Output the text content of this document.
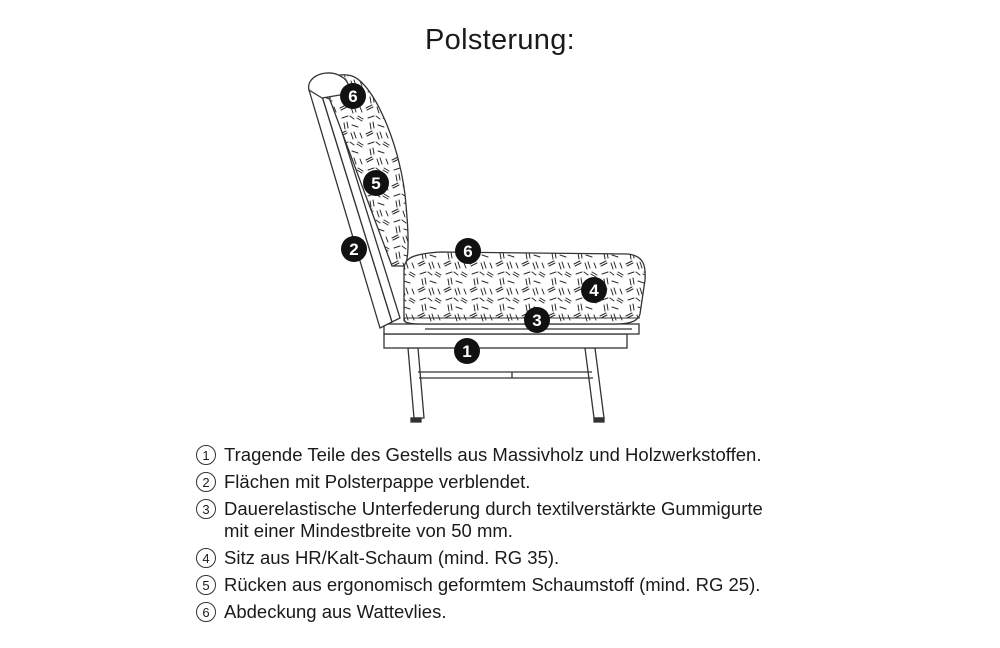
Polsterung:
6
5
2	6
4
3
1
1 Tragende Teile des Gestells aus Massivholz und Holzwerkstoffen.
2 Flächen mit Polsterpappe verblendet.
3 Dauerelastische Unterfederung durch textilverstärkte Gummigurte
mit einer Mindestbreite von 50 mm.
4 Sitz aus HR/Kalt-Schaum (mind. RG 35).
5 Rücken aus ergonomisch geformtem Schaumstoff (mind. RG 25).
6 Abdeckung aus Wattevlies.
